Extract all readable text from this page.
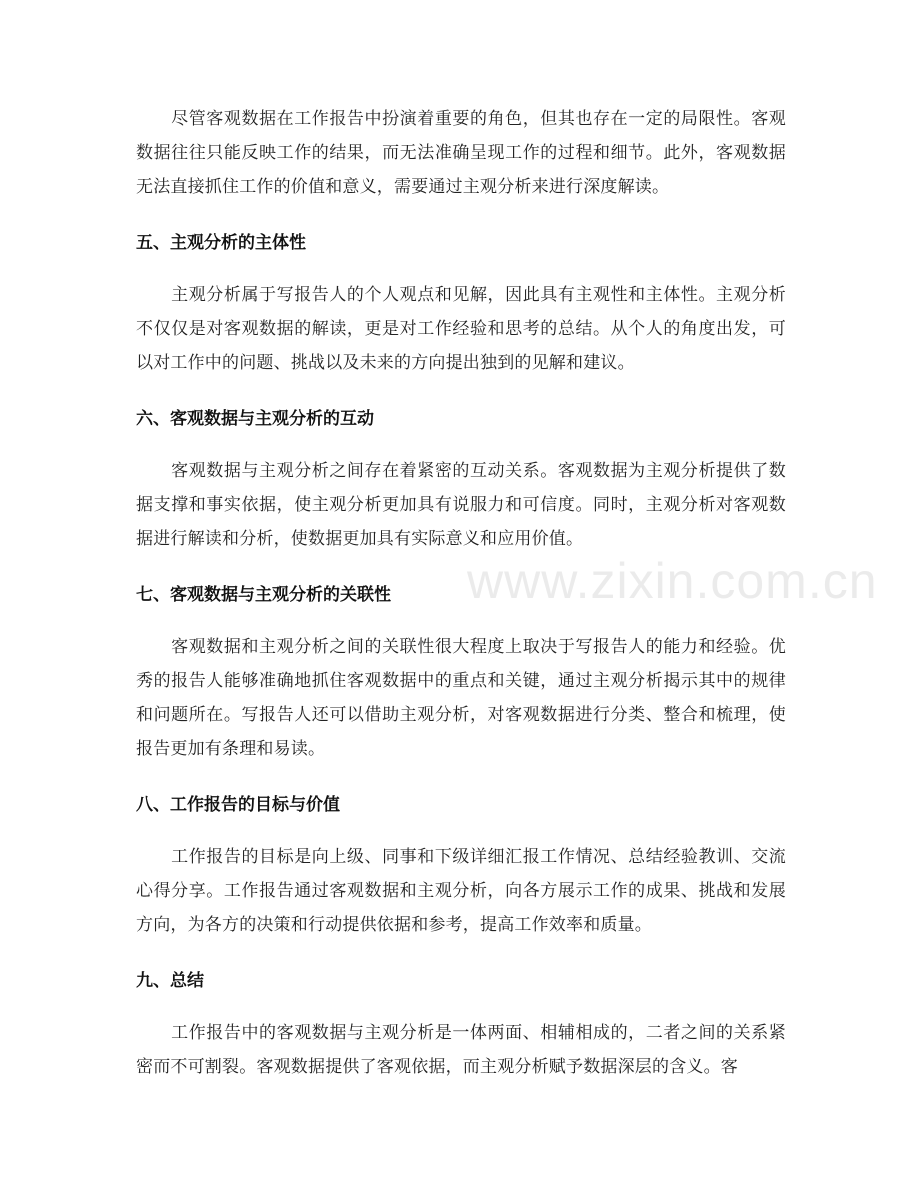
www.zixin.com.cn

　　尽管客观数据在工作报告中扮演着重要的角色，但其也存在一定的局限性。客观数据往往只能反映工作的结果，而无法准确呈现工作的过程和细节。此外，客观数据无法直接抓住工作的价值和意义，需要通过主观分析来进行深度解读。

五、主观分析的主体性

　　主观分析属于写报告人的个人观点和见解，因此具有主观性和主体性。主观分析不仅仅是对客观数据的解读，更是对工作经验和思考的总结。从个人的角度出发，可以对工作中的问题、挑战以及未来的方向提出独到的见解和建议。

六、客观数据与主观分析的互动

　　客观数据与主观分析之间存在着紧密的互动关系。客观数据为主观分析提供了数据支撑和事实依据，使主观分析更加具有说服力和可信度。同时，主观分析对客观数据进行解读和分析，使数据更加具有实际意义和应用价值。

七、客观数据与主观分析的关联性

　　客观数据和主观分析之间的关联性很大程度上取决于写报告人的能力和经验。优秀的报告人能够准确地抓住客观数据中的重点和关键，通过主观分析揭示其中的规律和问题所在。写报告人还可以借助主观分析，对客观数据进行分类、整合和梳理，使报告更加有条理和易读。

八、工作报告的目标与价值

　　工作报告的目标是向上级、同事和下级详细汇报工作情况、总结经验教训、交流心得分享。工作报告通过客观数据和主观分析，向各方展示工作的成果、挑战和发展方向，为各方的决策和行动提供依据和参考，提高工作效率和质量。

九、总结

　　工作报告中的客观数据与主观分析是一体两面、相辅相成的，二者之间的关系紧密而不可割裂。客观数据提供了客观依据，而主观分析赋予数据深层的含义。客
